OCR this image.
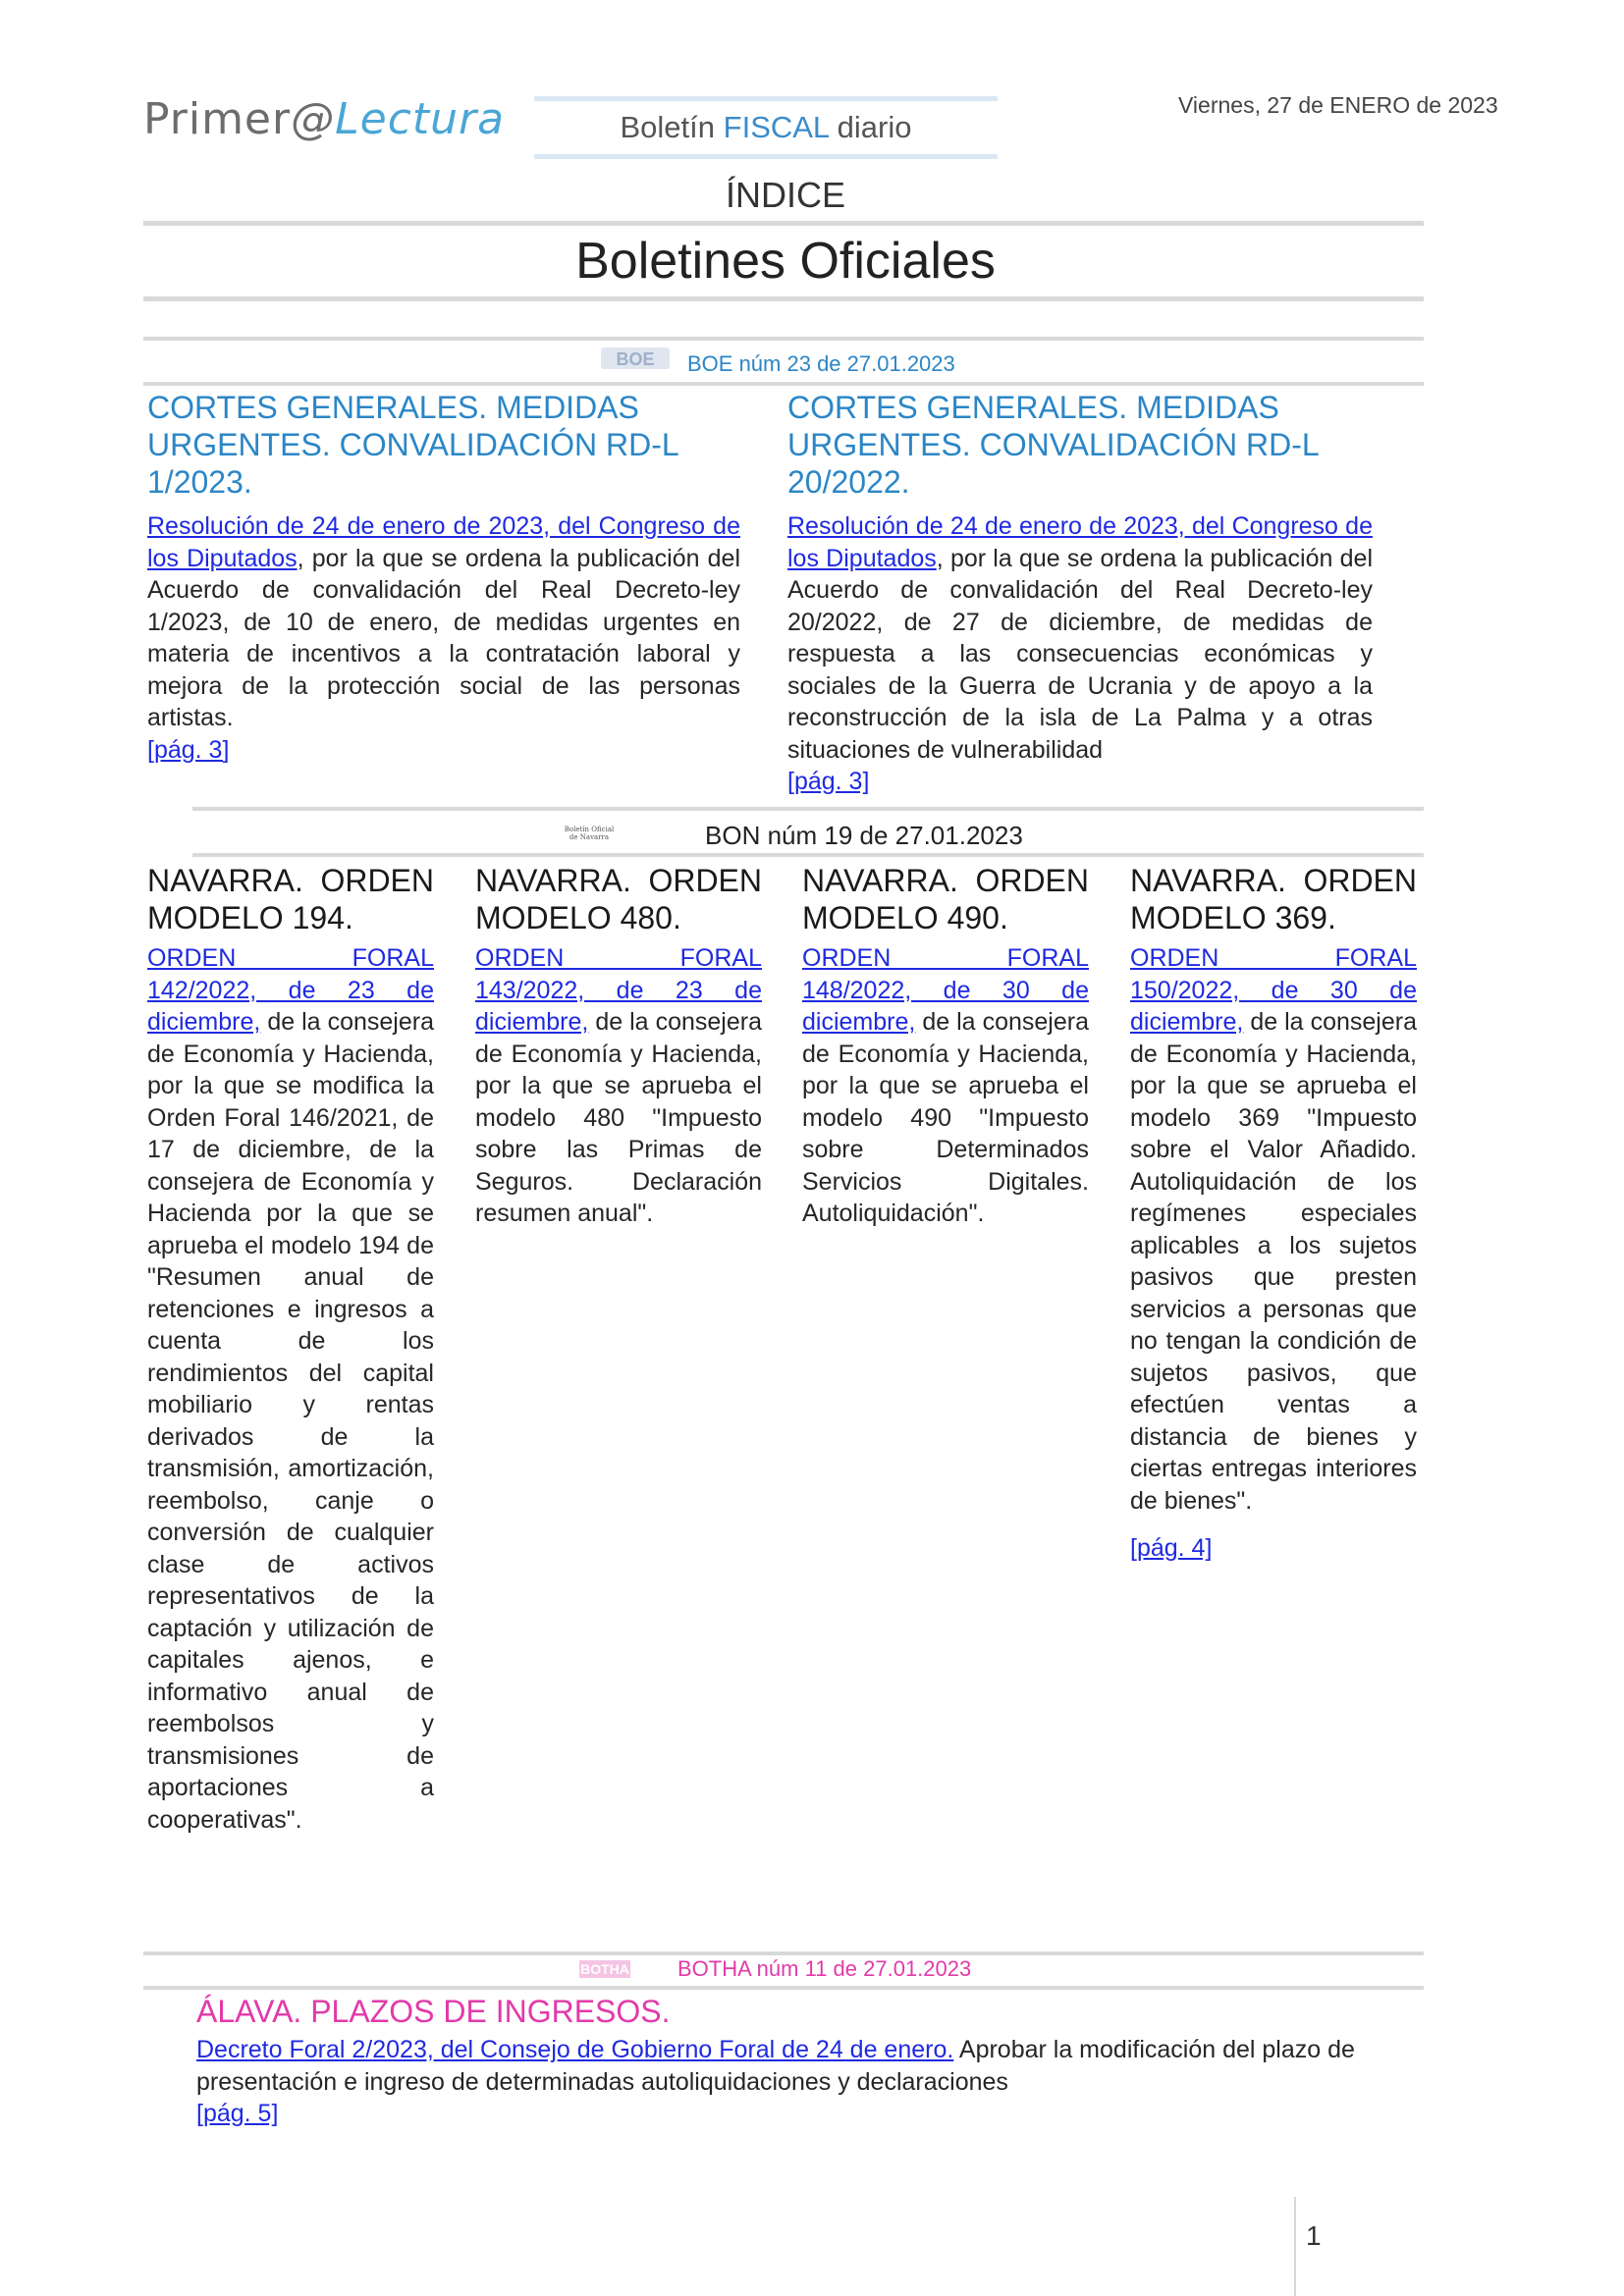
Primer@Lectura	Boletín FISCAL diario
Viernes, 27 de ENERO de 2023
ÍNDICE
Boletines Oficiales
BOE BOE núm 23 de 27.01.2023
CORTES GENERALES. MEDIDAS URGENTES. CONVALIDACIÓN RD-L 1/2023.
Resolución de 24 de enero de 2023, del Congreso de los Diputados, por la que se ordena la publicación del Acuerdo de convalidación del Real Decreto-ley 1/2023, de 10 de enero, de medidas urgentes en materia de incentivos a la contratación laboral y mejora de la protección social de las personas artistas.
[pág. 3]
CORTES GENERALES. MEDIDAS URGENTES. CONVALIDACIÓN RD-L 20/2022.
Resolución de 24 de enero de 2023, del Congreso de los Diputados, por la que se ordena la publicación del Acuerdo de convalidación del Real Decreto-ley 20/2022, de 27 de diciembre, de medidas de respuesta a las consecuencias económicas y sociales de la Guerra de Ucrania y de apoyo a la reconstrucción de la isla de La Palma y a otras situaciones de vulnerabilidad
[pág. 3]
Boletín Oficial de Navarra	BON núm 19 de 27.01.2023
NAVARRA. ORDEN
MODELO 194.
ORDEN FORAL 142/2022, de 23 de diciembre, de la consejera de Economía y Hacienda, por la que se modifica la Orden Foral 146/2021, de 17 de diciembre, de la consejera de Economía y Hacienda por la que se aprueba el modelo 194 de "Resumen anual de retenciones e ingresos a cuenta de los rendimientos del capital mobiliario y rentas derivados de la transmisión, amortización, reembolso, canje o conversión de cualquier clase de activos representativos de la captación y utilización de capitales ajenos, e informativo anual de reembolsos y transmisiones de aportaciones a cooperativas".
NAVARRA. ORDEN
MODELO 480.
ORDEN FORAL 143/2022, de 23 de diciembre, de la consejera de Economía y Hacienda, por la que se aprueba el modelo 480 "Impuesto sobre las Primas de Seguros. Declaración resumen anual".
NAVARRA. ORDEN
MODELO 490.
ORDEN FORAL 148/2022, de 30 de diciembre, de la consejera de Economía y Hacienda, por la que se aprueba el modelo 490 "Impuesto sobre Determinados Servicios Digitales. Autoliquidación".
NAVARRA. ORDEN
MODELO 369.
ORDEN FORAL 150/2022, de 30 de diciembre, de la consejera de Economía y Hacienda, por la que se aprueba el modelo 369 "Impuesto sobre el Valor Añadido. Autoliquidación de los regímenes especiales aplicables a los sujetos pasivos que presten servicios a personas que no tengan la condición de sujetos pasivos, que efectúen ventas a distancia de bienes y ciertas entregas interiores de bienes".
[pág. 4]
BOTHA BOTHA núm 11 de 27.01.2023
ÁLAVA. PLAZOS DE INGRESOS.
Decreto Foral 2/2023, del Consejo de Gobierno Foral de 24 de enero. Aprobar la modificación del plazo de presentación e ingreso de determinadas autoliquidaciones y declaraciones
[pág. 5]
1
